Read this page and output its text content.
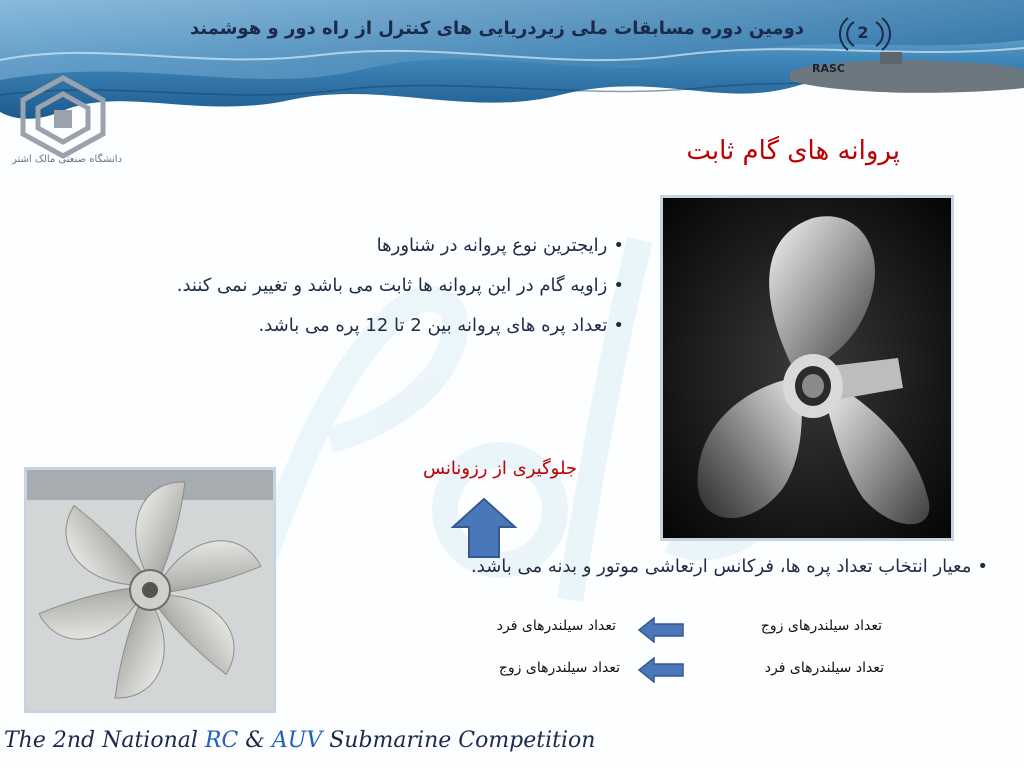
دومین دوره مسابقات ملی زیردریایی های کنترل از راه دور و هوشمند	2
RASC
دانشگاه صنعتی مالک اشتر	پروانه های گام ثابت
• رایجترین نوع پروانه در شناورها
• زاویه گام در این پروانه ها ثابت می باشد و تغییر نمی کنند.
• تعداد پره های پروانه بین 2 تا 12 پره می باشد.
جلوگیری از رزونانس
• معیار انتخاب تعداد پره ها، فرکانس ارتعاشی موتور و بدنه می باشد.
تعداد سیلندرهای زوج
تعداد سیلندرهای فرد
تعداد سیلندرهای فرد
تعداد سیلندرهای زوج
The 2nd National RC & AUV Submarine Competition
